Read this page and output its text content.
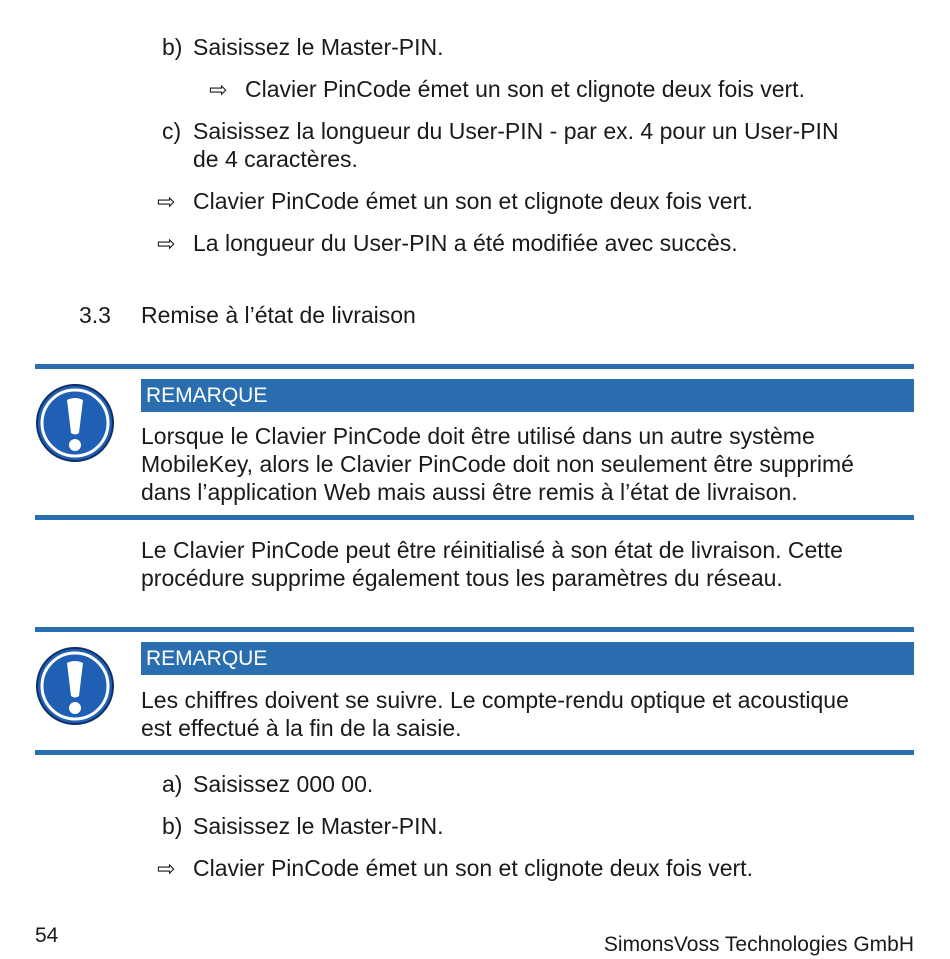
b) Saisissez le Master-PIN.
⇨ Clavier PinCode émet un son et clignote deux fois vert.
c) Saisissez la longueur du User-PIN - par ex. 4 pour un User-PIN
de 4 caractères.
⇨ Clavier PinCode émet un son et clignote deux fois vert.
⇨ La longueur du User-PIN a été modifiée avec succès.
3.3 Remise à l’état de livraison
REMARQUE
Lorsque le Clavier PinCode doit être utilisé dans un autre système
MobileKey, alors le Clavier PinCode doit non seulement être supprimé
dans l’application Web mais aussi être remis à l’état de livraison.
Le Clavier PinCode peut être réinitialisé à son état de livraison. Cette
procédure supprime également tous les paramètres du réseau.
REMARQUE
Les chiffres doivent se suivre. Le compte-rendu optique et acoustique
est effectué à la fin de la saisie.
a) Saisissez 000 00.
b) Saisissez le Master-PIN.
⇨ Clavier PinCode émet un son et clignote deux fois vert.
54	SimonsVoss Technologies GmbH
